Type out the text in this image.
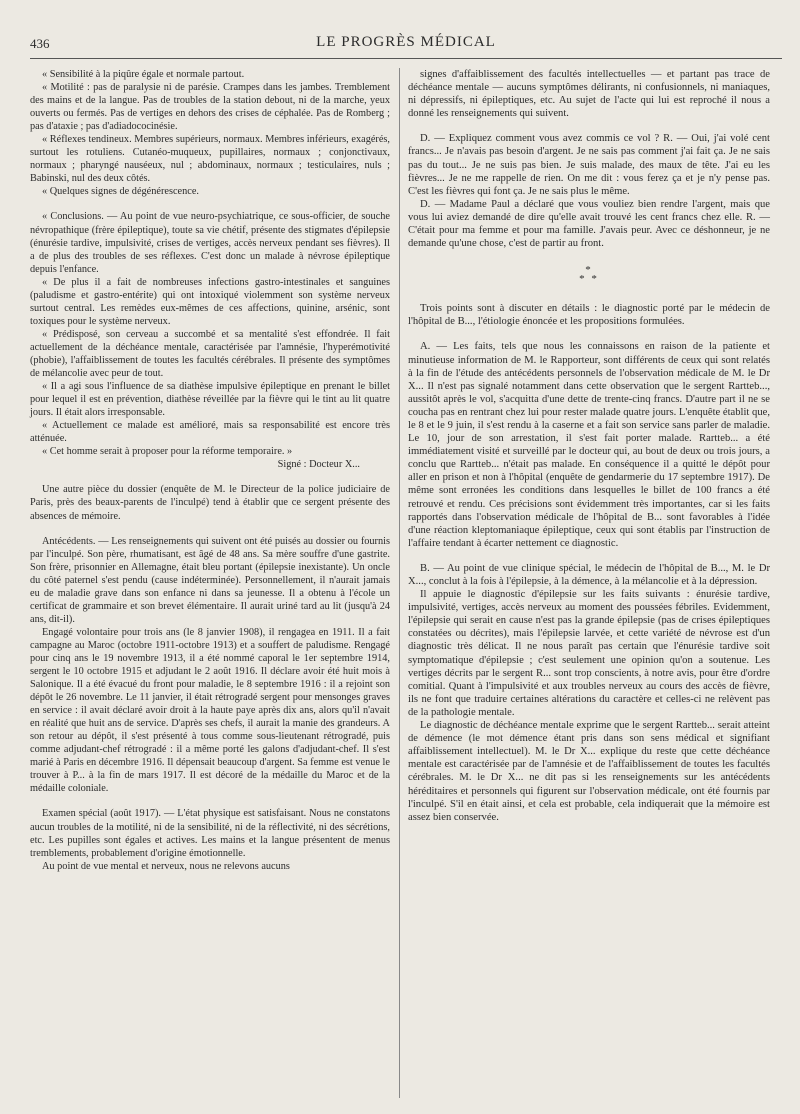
436	LE PROGRÈS MÉDICAL

« Sensibilité à la piqûre égale et normale partout.

« Motilité : pas de paralysie ni de parésie. Crampes dans les jambes. Tremblement des mains et de la langue. Pas de troubles de la station debout, ni de la marche, yeux ouverts ou fermés. Pas de vertiges en dehors des crises de céphalée. Pas de Romberg ; pas d'ataxie ; pas d'adiadococinésie.

« Réflexes tendineux. Membres supérieurs, normaux. Membres inférieurs, exagérés, surtout les rotuliens. Cutanéo-muqueux, pupillaires, normaux ; conjonctivaux, normaux ; pharyngé nauséeux, nul ; abdominaux, normaux ; testiculaires, nuls ; Babinski, nul des deux côtés.

« Quelques signes de dégénérescence.

« Conclusions. — Au point de vue neuro-psychiatrique, ce sous-officier, de souche névropathique (frère épileptique), toute sa vie chétif, présente des stigmates d'épilepsie (énurésie tardive, impulsivité, crises de vertiges, accès nerveux pendant ses fièvres). Il a de plus des troubles de ses réflexes. C'est donc un malade à névrose épileptique depuis l'enfance.

« De plus il a fait de nombreuses infections gastro-intestinales et sanguines (paludisme et gastro-entérite) qui ont intoxiqué violemment son système nerveux surtout central. Les remèdes eux-mêmes de ces affections, quinine, arsénic, sont toxiques pour le système nerveux.

« Prédisposé, son cerveau a succombé et sa mentalité s'est effondrée. Il fait actuellement de la déchéance mentale, caractérisée par l'amnésie, l'hyperémotivité (phobie), l'affaiblissement de toutes les facultés cérébrales. Il présente des symptômes de mélancolie avec peur de tout.

« Il a agi sous l'influence de sa diathèse impulsive épileptique en prenant le billet pour lequel il est en prévention, diathèse réveillée par la fièvre qui le tint au lit quatre jours. Il était alors irresponsable.

« Actuellement ce malade est amélioré, mais sa responsabilité est encore très atténuée.

« Cet homme serait à proposer pour la réforme temporaire. »

Signé : Docteur X...

Une autre pièce du dossier (enquête de M. le Directeur de la police judiciaire de Paris, près des beaux-parents de l'inculpé) tend à établir que ce sergent présente des absences de mémoire.

Antécédents. — Les renseignements qui suivent ont été puisés au dossier ou fournis par l'inculpé. Son père, rhumatisant, est âgé de 48 ans. Sa mère souffre d'une gastrite. Son frère, prisonnier en Allemagne, était bleu portant (épilepsie inexistante). Un oncle du côté paternel s'est pendu (cause indéterminée). Personnellement, il n'aurait jamais eu de maladie grave dans son enfance ni dans sa jeunesse. Il a obtenu à l'école un certificat de grammaire et son brevet élémentaire. Il aurait uriné tard au lit (jusqu'à 24 ans, dit-il).

Engagé volontaire pour trois ans (le 8 janvier 1908), il rengagea en 1911. Il a fait campagne au Maroc (octobre 1911-octobre 1913) et a souffert de paludisme. Rengagé pour cinq ans le 19 novembre 1913, il a été nommé caporal le 1er septembre 1914, sergent le 10 octobre 1915 et adjudant le 2 août 1916. Il déclare avoir été huit mois à Salonique. Il a été évacué du front pour maladie, le 8 septembre 1916 : il a rejoint son dépôt le 26 novembre. Le 11 janvier, il était rétrogradé sergent pour mensonges graves en service : il avait déclaré avoir droit à la haute paye après dix ans, alors qu'il n'avait en réalité que huit ans de service. D'après ses chefs, il aurait la manie des grandeurs. A son retour au dépôt, il s'est présenté à tous comme sous-lieutenant rétrogradé, puis comme adjudant-chef rétrogradé : il a même porté les galons d'adjudant-chef. Il s'est marié à Paris en décembre 1916. Il dépensait beaucoup d'argent. Sa femme est venue le trouver à P... à la fin de mars 1917. Il est décoré de la médaille du Maroc et de la médaille coloniale.

Examen spécial (août 1917). — L'état physique est satisfaisant. Nous ne constatons aucun troubles de la motilité, ni de la sensibilité, ni de la réflectivité, ni des sécrétions, etc. Les pupilles sont égales et actives. Les mains et la langue présentent de menus tremblements, probablement d'origine émotionnelle.

Au point de vue mental et nerveux, nous ne relevons aucuns

signes d'affaiblissement des facultés intellectuelles — et partant pas trace de déchéance mentale — aucuns symptômes délirants, ni confusionnels, ni maniaques, ni dépressifs, ni épileptiques, etc. Au sujet de l'acte qui lui est reproché il nous a donné les renseignements qui suivent.

D. — Expliquez comment vous avez commis ce vol ? R. — Oui, j'ai volé cent francs... Je n'avais pas besoin d'argent. Je ne sais pas comment j'ai fait ça. Je ne sais pas du tout... Je ne suis pas bien. Je suis malade, des maux de tête. J'ai eu les fièvres... Je ne me rappelle de rien. On me dit : vous ferez ça et je n'y pense pas. C'est les fièvres qui font ça. Je ne sais plus le même.

D. — Madame Paul a déclaré que vous vouliez bien rendre l'argent, mais que vous lui aviez demandé de dire qu'elle avait trouvé les cent francs chez elle. R. — C'était pour ma femme et pour ma famille. J'avais peur. Avec ce déshonneur, je ne demande qu'une chose, c'est de partir au front.

*
* *

Trois points sont à discuter en détails : le diagnostic porté par le médecin de l'hôpital de B..., l'étiologie énoncée et les propositions formulées.

A. — Les faits, tels que nous les connaissons en raison de la patiente et minutieuse information de M. le Rapporteur, sont différents de ceux qui sont relatés à la fin de l'étude des antécédents personnels de l'observation médicale de M. le Dr X... Il n'est pas signalé notamment dans cette observation que le sergent Rartteb..., aussitôt après le vol, s'acquitta d'une dette de trente-cinq francs. D'autre part il ne se coucha pas en rentrant chez lui pour rester malade quatre jours. L'enquête établit que, le 8 et le 9 juin, il s'est rendu à la caserne et a fait son service sans parler de maladie. Le 10, jour de son arrestation, il s'est fait porter malade. Rartteb... a été immédiatement visité et surveillé par le docteur qui, au bout de deux ou trois jours, a conclu que Rartteb... n'était pas malade. En conséquence il a quitté le dépôt pour aller en prison et non à l'hôpital (enquête de gendarmerie du 17 septembre 1917). De même sont erronées les conditions dans lesquelles le billet de 100 francs a été retrouvé et rendu. Ces précisions sont évidemment très importantes, car si les faits rapportés dans l'observation médicale de l'hôpital de B... sont favorables à l'idée d'une réaction kleptomaniaque épileptique, ceux qui sont établis par l'instruction de l'affaire tendant à écarter nettement ce diagnostic.

B. — Au point de vue clinique spécial, le médecin de l'hôpital de B..., M. le Dr X..., conclut à la fois à l'épilepsie, à la démence, à la mélancolie et à la dépression.

Il appuie le diagnostic d'épilepsie sur les faits suivants : énurésie tardive, impulsivité, vertiges, accès nerveux au moment des poussées fébriles. Evidemment, l'épilepsie qui serait en cause n'est pas la grande épilepsie (pas de crises épileptiques constatées ou décrites), mais l'épilepsie larvée, et cette variété de névrose est d'un diagnostic très délicat. Il ne nous paraît pas certain que l'énurésie tardive soit symptomatique d'épilepsie ; c'est seulement une opinion qu'on a soutenue. Les vertiges décrits par le sergent R... sont trop conscients, à notre avis, pour être d'ordre comitial. Quant à l'impulsivité et aux troubles nerveux au cours des accès de fièvre, ils ne font que traduire certaines altérations du caractère et celles-ci ne relèvent pas de la pathologie mentale.

Le diagnostic de déchéance mentale exprime que le sergent Rartteb... serait atteint de démence (le mot démence étant pris dans son sens médical et signifiant affaiblissement intellectuel). M. le Dr X... explique du reste que cette déchéance mentale est caractérisée par de l'amnésie et de l'affaiblissement de toutes les facultés cérébrales. M. le Dr X... ne dit pas si les renseignements sur les antécédents héréditaires et personnels qui figurent sur l'observation médicale, ont été fournis par l'inculpé. S'il en était ainsi, et cela est probable, cela indiquerait que la mémoire est assez bien conservée.
